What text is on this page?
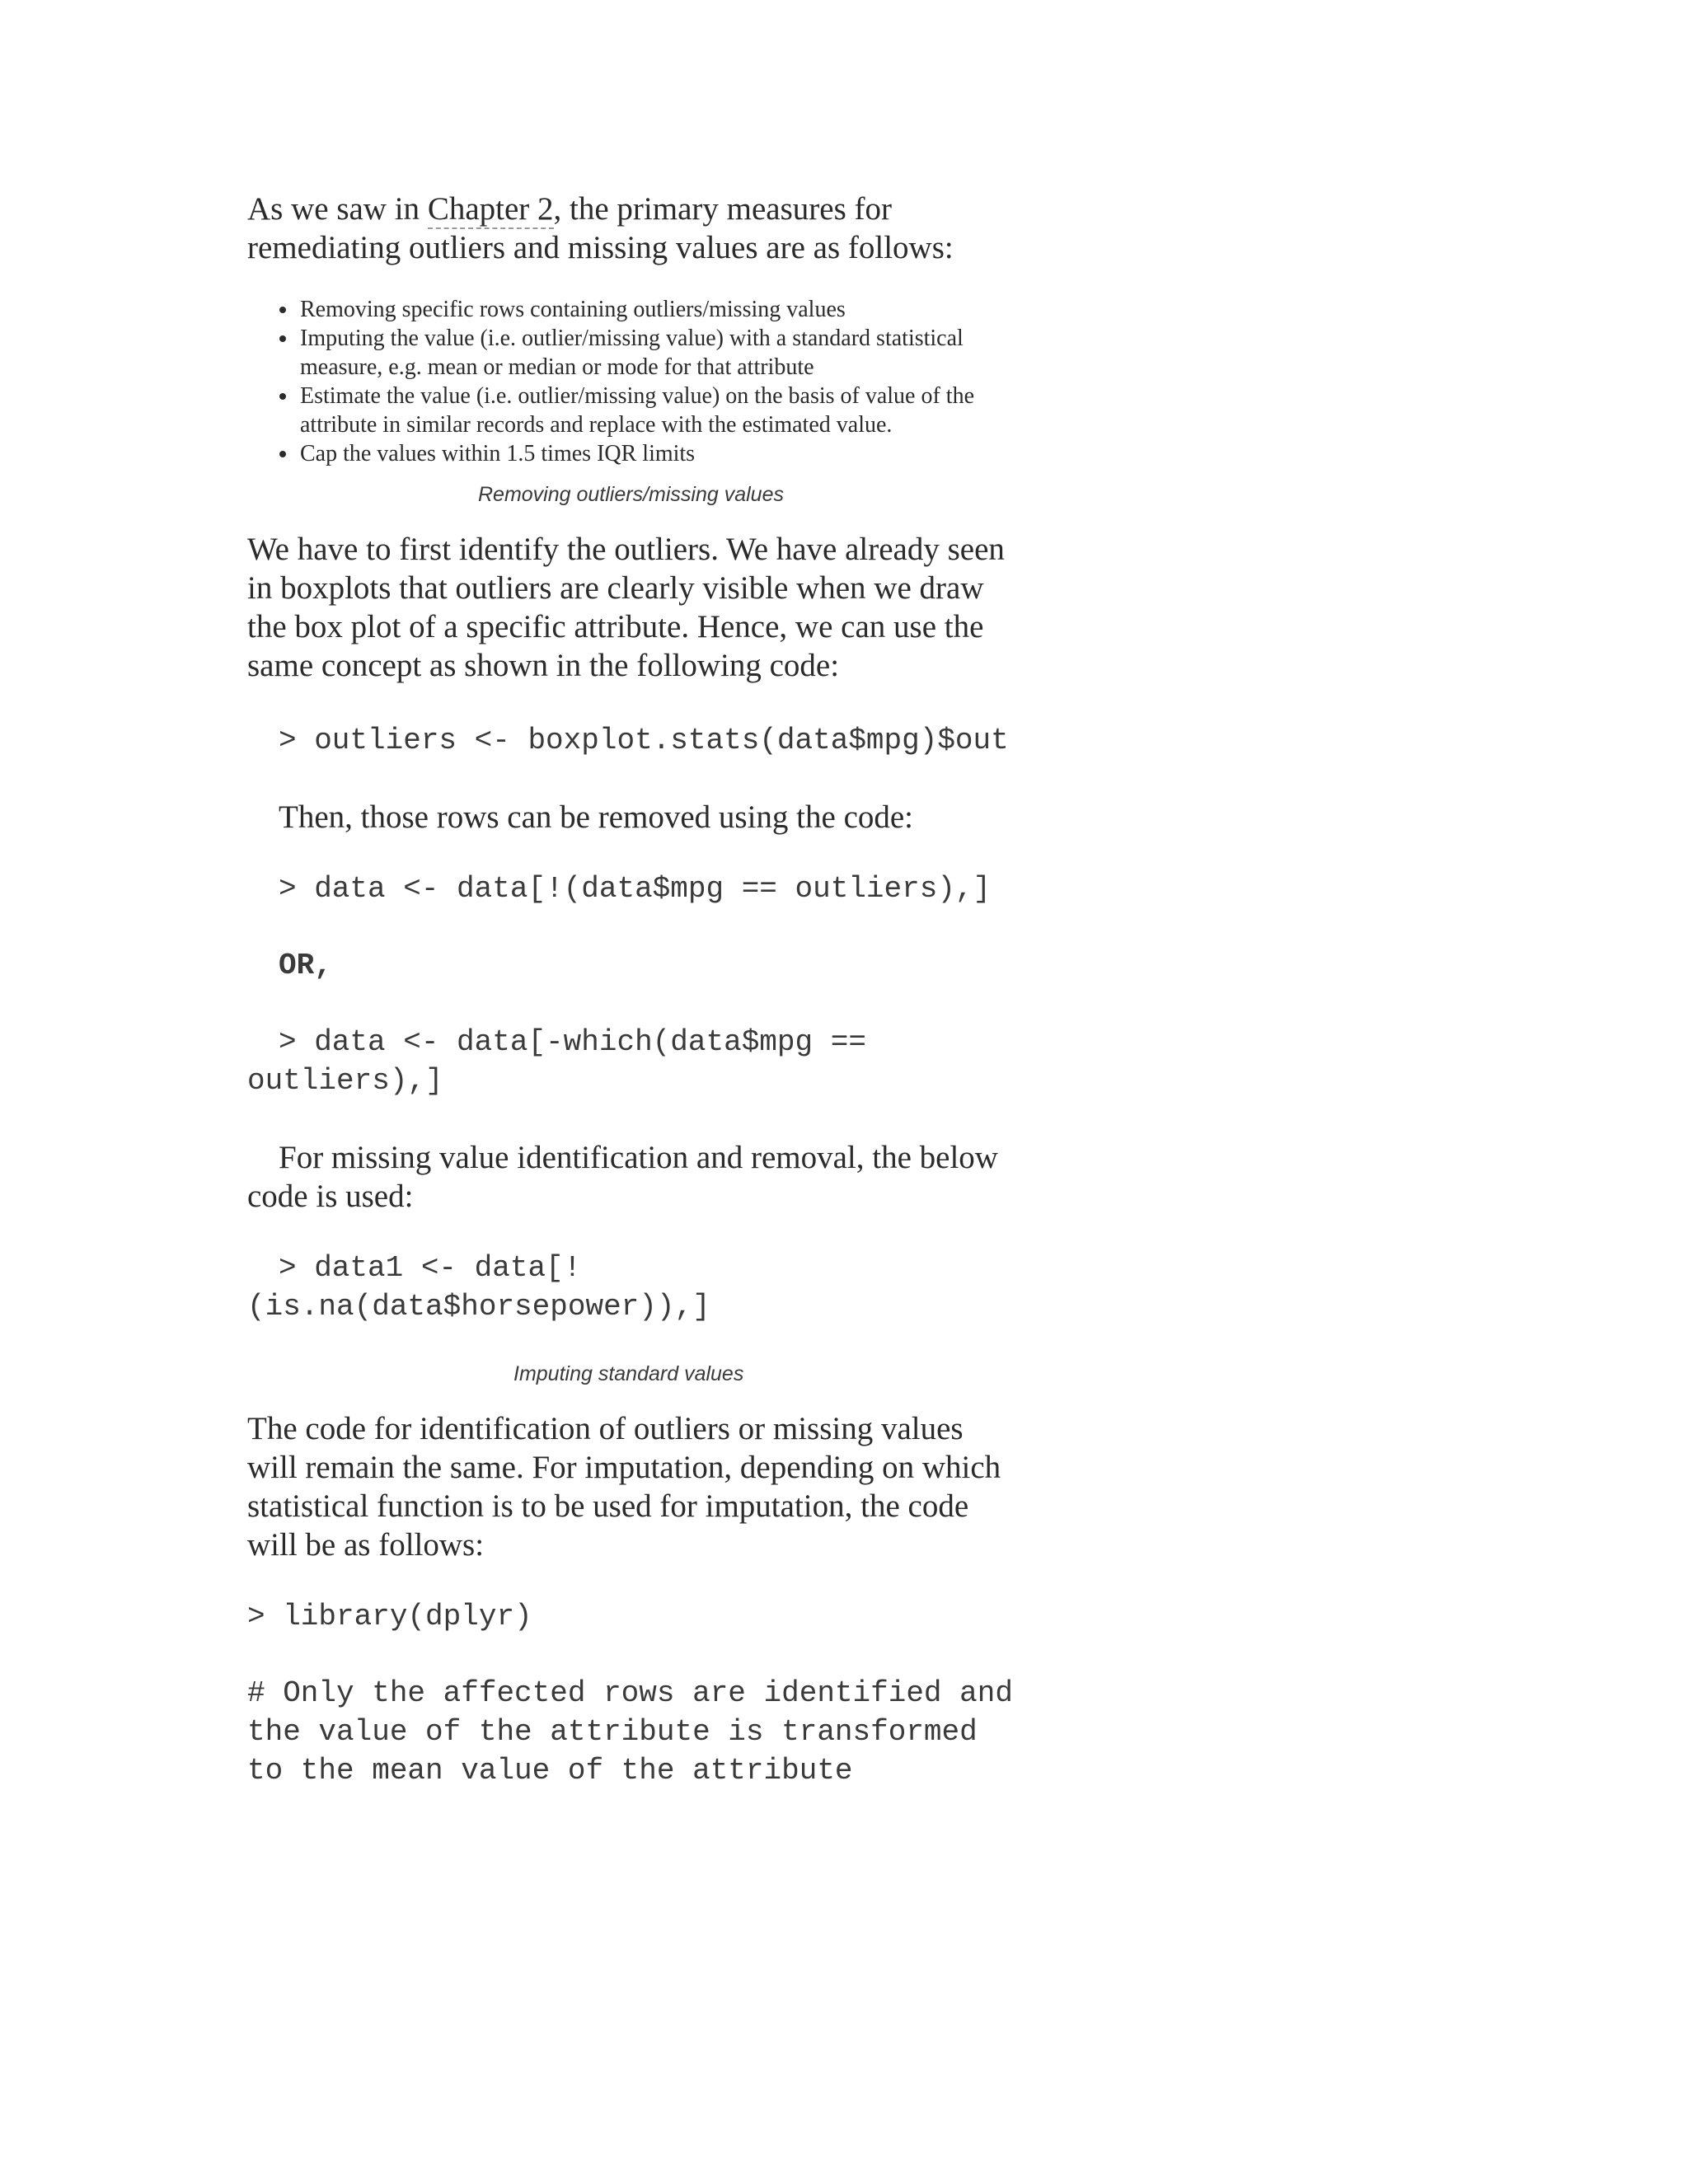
As we saw in Chapter 2, the primary measures for remediating outliers and missing values are as follows:

• Removing specific rows containing outliers/missing values
• Imputing the value (i.e. outlier/missing value) with a standard statistical measure, e.g. mean or median or mode for that attribute
• Estimate the value (i.e. outlier/missing value) on the basis of value of the attribute in similar records and replace with the estimated value.
• Cap the values within 1.5 times IQR limits

Removing outliers/missing values

We have to first identify the outliers. We have already seen in boxplots that outliers are clearly visible when we draw the box plot of a specific attribute. Hence, we can use the same concept as shown in the following code:

> outliers <- boxplot.stats(data$mpg)$out

Then, those rows can be removed using the code:

> data <- data[!(data$mpg == outliers),]

OR,

> data <- data[-which(data$mpg == outliers),]

For missing value identification and removal, the below code is used:

> data1 <- data[!(is.na(data$horsepower)),]

Imputing standard values

The code for identification of outliers or missing values will remain the same. For imputation, depending on which statistical function is to be used for imputation, the code will be as follows:

> library(dplyr)

# Only the affected rows are identified and the value of the attribute is transformed to the mean value of the attribute
